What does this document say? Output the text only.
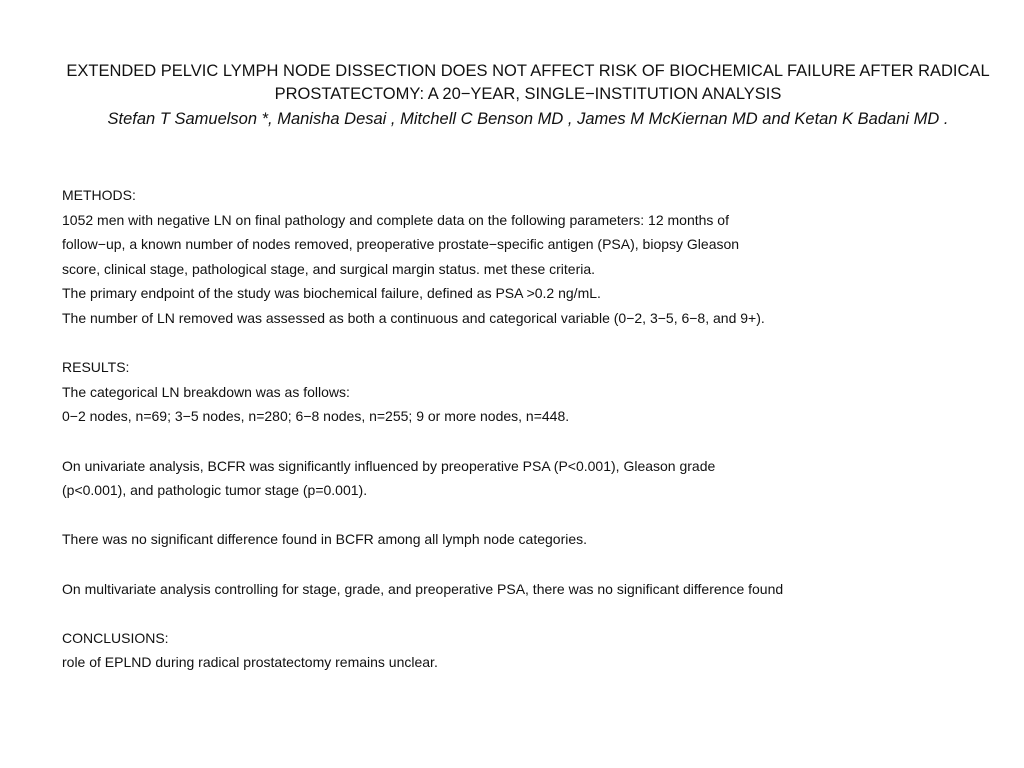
EXTENDED PELVIC LYMPH NODE DISSECTION DOES NOT AFFECT RISK OF BIOCHEMICAL FAILURE AFTER RADICAL
PROSTATECTOMY: A 20−YEAR, SINGLE−INSTITUTION ANALYSIS
Stefan T Samuelson *, Manisha Desai , Mitchell C Benson MD , James M McKiernan MD and Ketan K Badani MD .
METHODS:
1052 men with negative LN on final pathology and complete data on the following parameters: 12 months of
follow−up, a known number of nodes removed, preoperative prostate−specific antigen (PSA), biopsy Gleason
score, clinical stage, pathological stage, and surgical margin status. met these criteria.
The primary endpoint of the study was biochemical failure, defined as PSA >0.2 ng/mL.
The number of LN removed was assessed as both a continuous and categorical variable (0−2, 3−5, 6−8, and 9+).
RESULTS:
The categorical LN breakdown was as follows:
0−2 nodes, n=69; 3−5 nodes, n=280; 6−8 nodes, n=255; 9 or more nodes, n=448.
On univariate analysis, BCFR was significantly influenced by preoperative PSA (P<0.001), Gleason grade
(p<0.001), and pathologic tumor stage (p=0.001).
There was no significant difference found in BCFR among all lymph node categories.
On multivariate analysis controlling for stage, grade, and preoperative PSA, there was no significant difference found
CONCLUSIONS:
role of EPLND during radical prostatectomy remains unclear.
